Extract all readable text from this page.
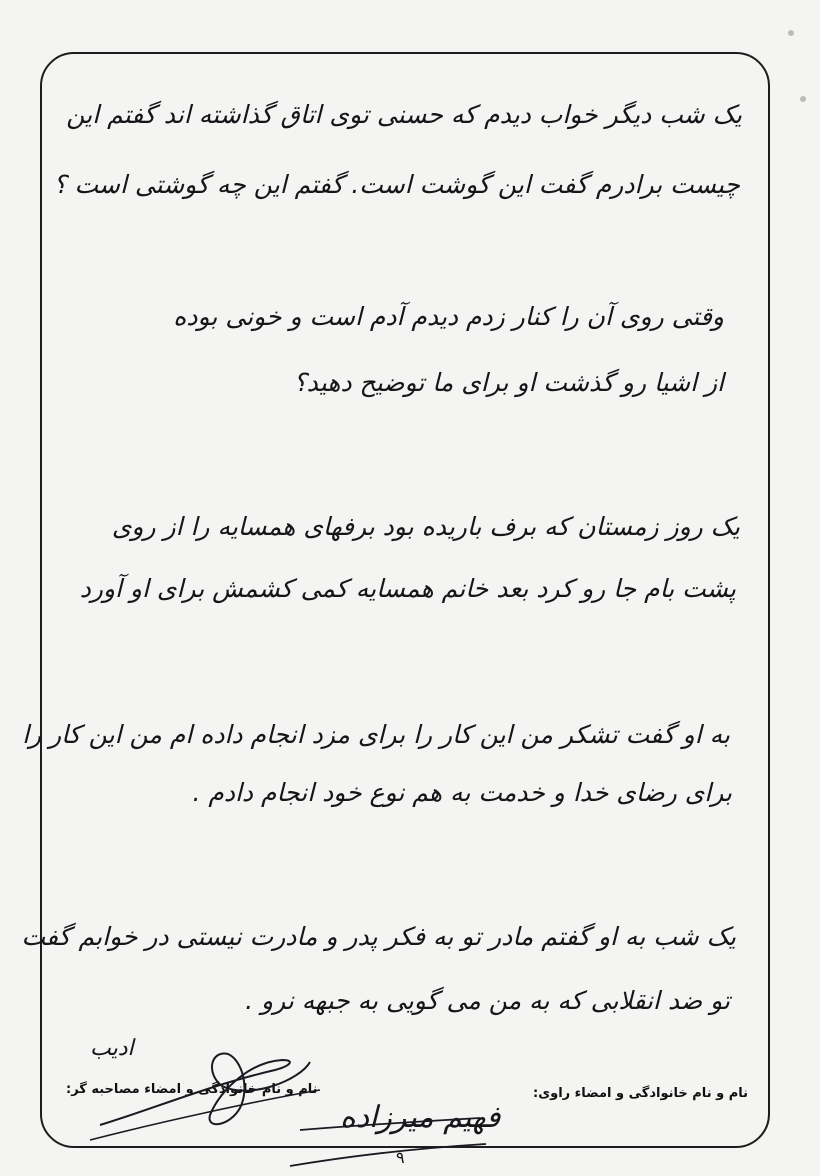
یک شب دیگر خواب دیدم که حسنی توی اتاق گذاشته اند گفتم این
چیست برادرم گفت این گوشت است. گفتم این چه گوشتی است ؟
وقتی روی آن را کنار زدم دیدم آدم است و خونی بوده
از اشیا رو گذشت او برای ما توضیح دهید؟
یک روز زمستان که برف باریده بود برفهای همسایه را از روی
پشت بام جا رو کرد بعد خانم همسایه کمی کشمش برای او آورد
به او گفت تشکر من این کار را برای مزد انجام داده ام من این کار را
برای رضای خدا و خدمت به هم نوع خود انجام دادم .
یک شب به او گفتم مادر تو به فکر پدر و مادرت نیستی در خوابم گفت
تو ضد انقلابی که به من می گویی به جبهه نرو .
نام و نام خانوادگی و امضاء راوی:
نام و نام خانوادگی و امضاء مصاحبه گر:
ادیب
فهیم میرزاده
۹
